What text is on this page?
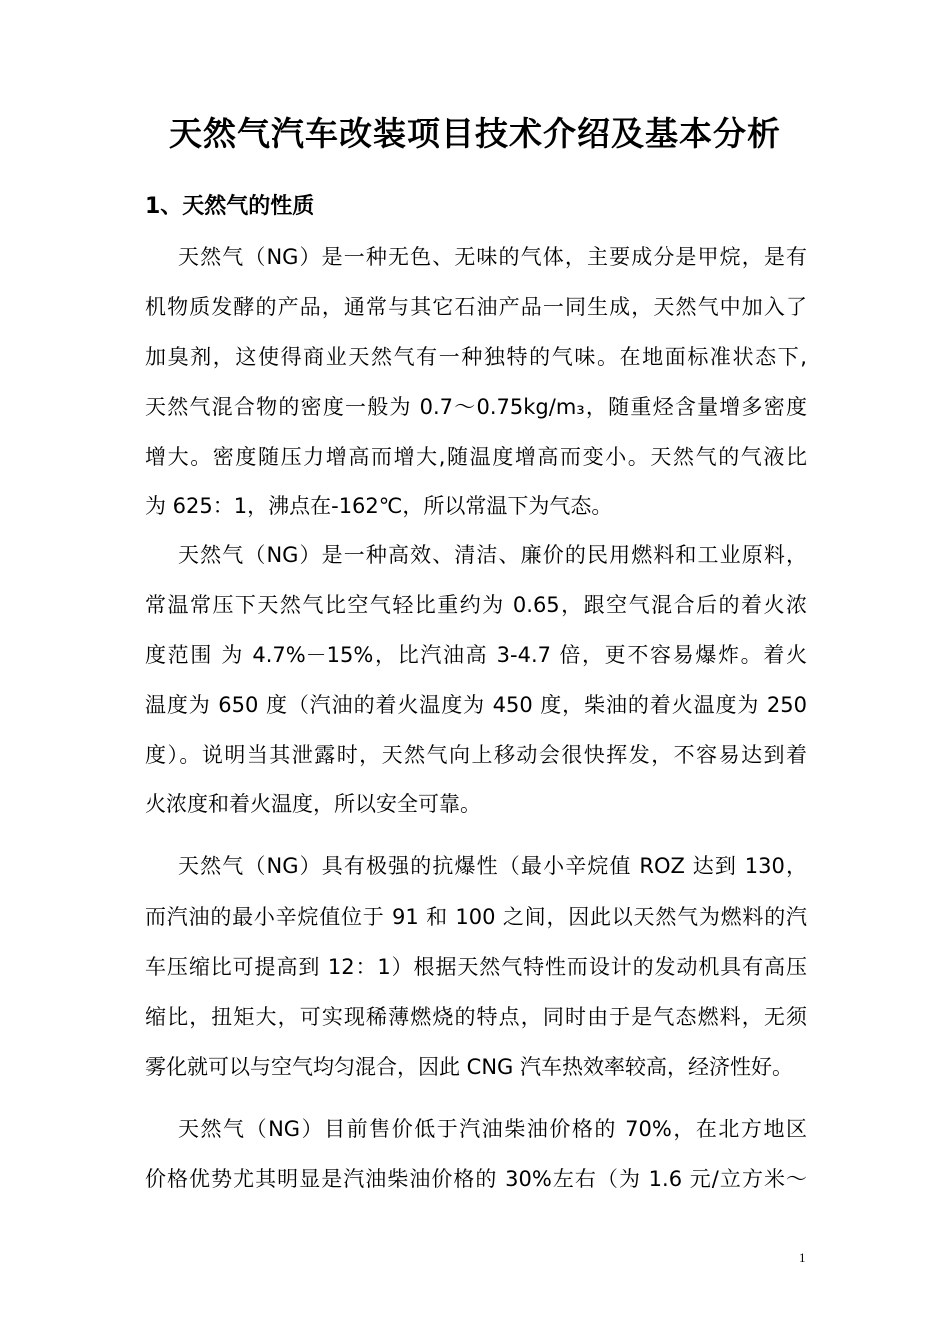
天然气汽车改装项目技术介绍及基本分析
1、天然气的性质
天然气（NG）是一种无色、无味的气体，主要成分是甲烷，是有
机物质发酵的产品，通常与其它石油产品一同生成，天然气中加入了
加臭剂，这使得商业天然气有一种独特的气味。在地面标准状态下,
天然气混合物的密度一般为 0.7～0.75kg/m₃，随重烃含量增多密度
增大。密度随压力增高而增大,随温度增高而变小。天然气的气液比
为 625：1，沸点在-162℃，所以常温下为气态。
天然气（NG）是一种高效、清洁、廉价的民用燃料和工业原料，
常温常压下天然气比空气轻比重约为 0.65，跟空气混合后的着火浓
度范围 为 4.7%－15%，比汽油高 3-4.7 倍，更不容易爆炸。着火
温度为 650 度（汽油的着火温度为 450 度，柴油的着火温度为 250
度）。说明当其泄露时，天然气向上移动会很快挥发，不容易达到着
火浓度和着火温度，所以安全可靠。
天然气（NG）具有极强的抗爆性（最小辛烷值 ROZ 达到 130，
而汽油的最小辛烷值位于 91 和 100 之间，因此以天然气为燃料的汽
车压缩比可提高到 12：1）根据天然气特性而设计的发动机具有高压
缩比，扭矩大，可实现稀薄燃烧的特点，同时由于是气态燃料，无须
雾化就可以与空气均匀混合，因此 CNG 汽车热效率较高，经济性好。
天然气（NG）目前售价低于汽油柴油价格的 70%，在北方地区
价格优势尤其明显是汽油柴油价格的 30%左右（为 1.6 元/立方米～
1
